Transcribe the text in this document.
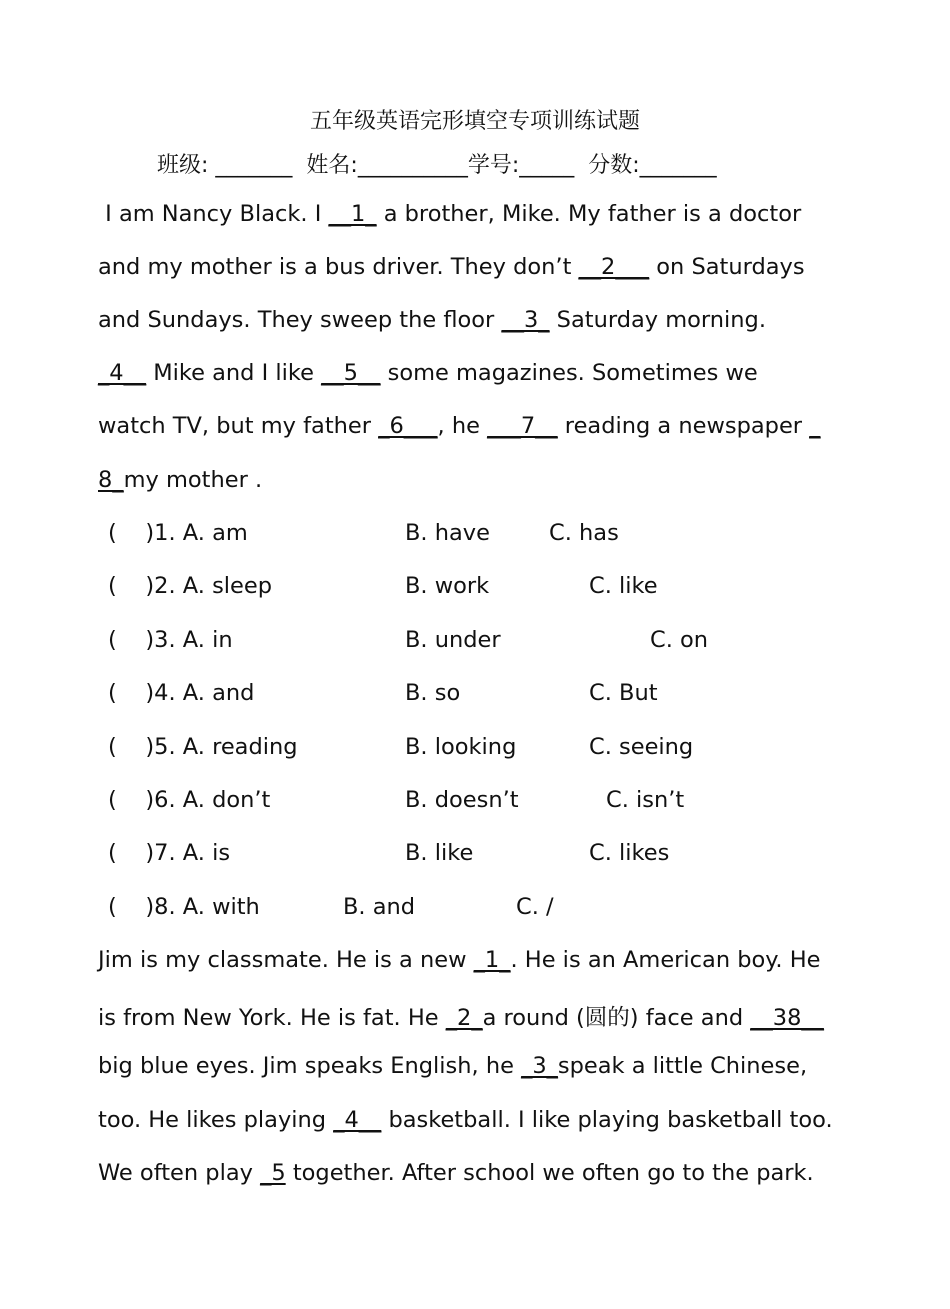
五年级英语完形填空专项训练试题
班级: _______ 姓名:__________学号:_____ 分数:_______
I am Nancy Black. I __1_ a brother, Mike. My father is a doctor
and my mother is a bus driver. They don’t __2___ on Saturdays
and Sundays. They sweep the floor __3_ Saturday morning.
_4__ Mike and I like __5__ some magazines. Sometimes we
watch TV, but my father _6___, he ___7__ reading a newspaper _
8_my mother .
(    )1. A. am	B. have	C. has
(    )2. A. sleep	B. work	C. like
(    )3. A. in	B. under	C. on
(    )4. A. and	B. so	C. But
(    )5. A. reading	B. looking	C. seeing
(    )6. A. don’t	B. doesn’t	C. isn’t
(    )7. A. is	B. like	C. likes
(    )8. A. with	B. and	C. /
Jim is my classmate. He is a new _1_. He is an American boy. He
is from New York. He is fat. He _2_a round (圆的) face and __38__
big blue eyes. Jim speaks English, he _3_speak a little Chinese,
too. He likes playing _4__ basketball. I like playing basketball too.
We often play _5 together. After school we often go to the park.
